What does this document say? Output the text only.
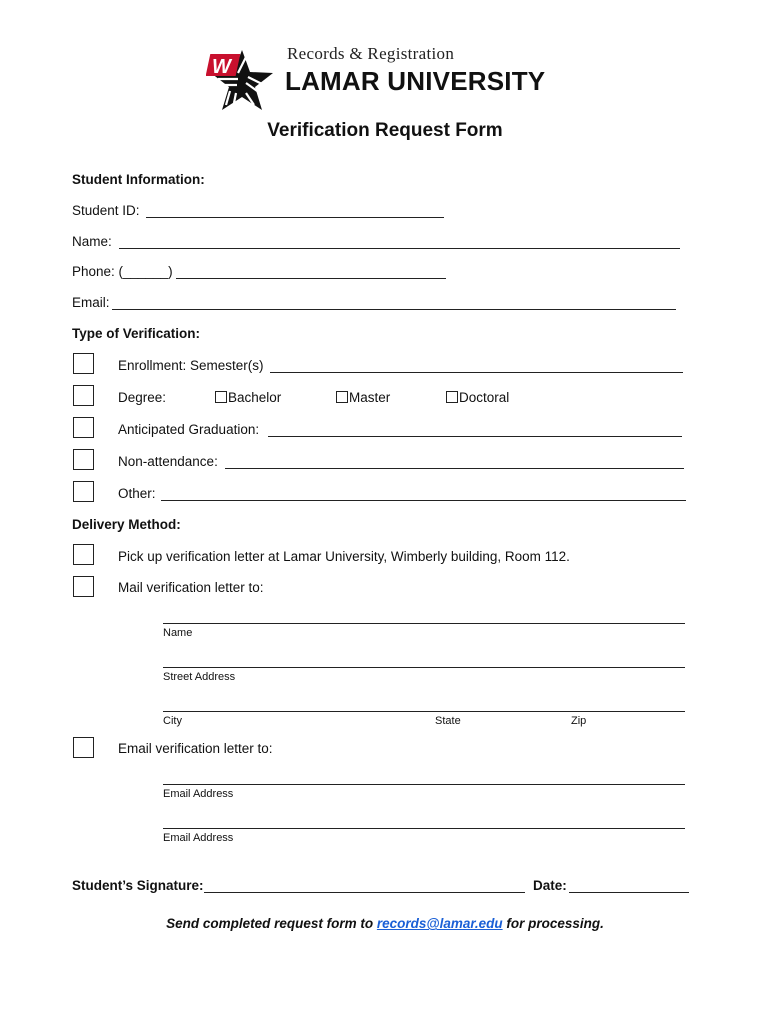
W
Records & Registration
LAMAR UNIVERSITY
Verification Request Form
Student Information:
Student ID:
Name:
Phone: (______)
Email:
Type of Verification:
Enrollment: Semester(s)
Degree:	Bachelor	Master	Doctoral
Anticipated Graduation:
Non-attendance:
Other:
Delivery Method:
Pick up verification letter at Lamar University, Wimberly building, Room 112.
Mail verification letter to:
Name
Street Address
City	State	Zip
Email verification letter to:
Email Address
Email Address
Student’s Signature:	Date:
Send completed request form to records@lamar.edu for processing.
